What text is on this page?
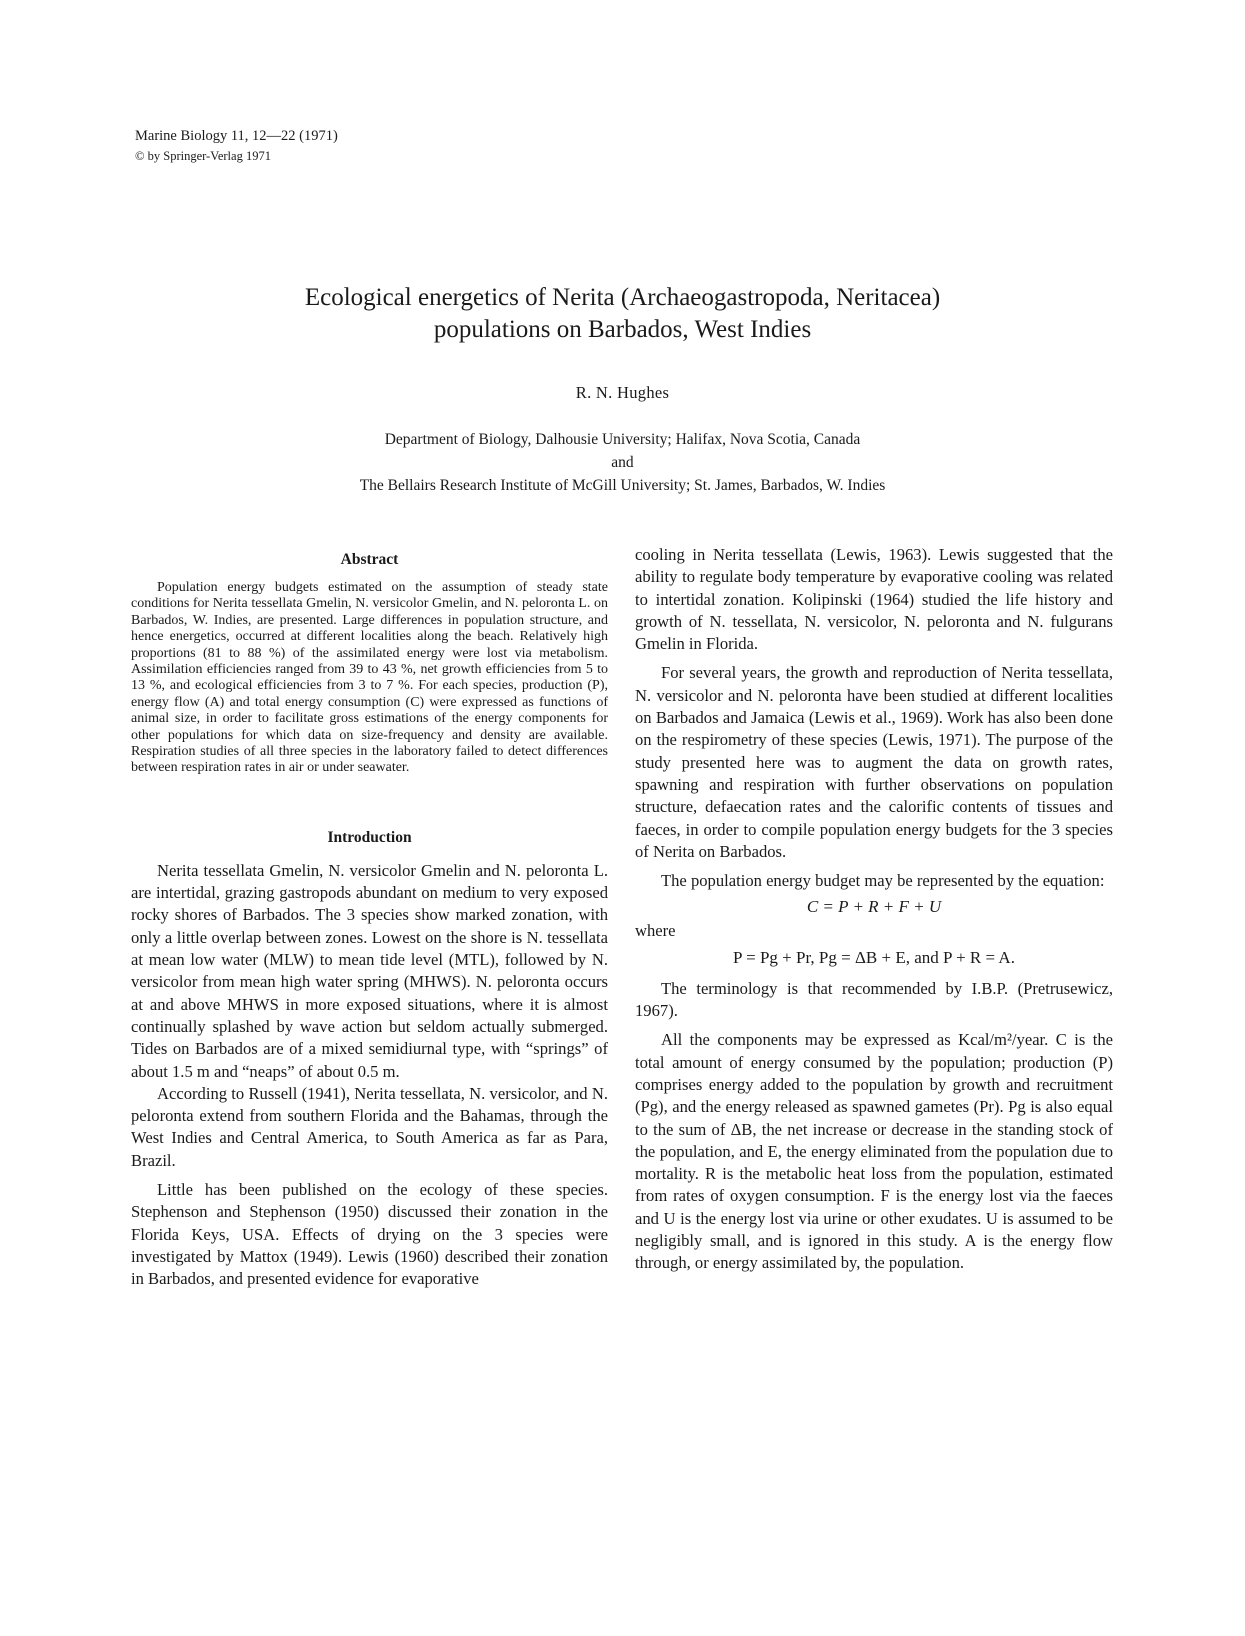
Marine Biology 11, 12—22 (1971)
© by Springer-Verlag 1971
Ecological energetics of Nerita (Archaeogastropoda, Neritacea)
populations on Barbados, West Indies
R. N. Hughes
Department of Biology, Dalhousie University; Halifax, Nova Scotia, Canada
and
The Bellairs Research Institute of McGill University; St. James, Barbados, W. Indies
Abstract

Population energy budgets estimated on the assumption of steady state conditions for Nerita tessellata Gmelin, N. versicolor Gmelin, and N. peloronta L. on Barbados, W. Indies, are presented. Large differences in population structure, and hence energetics, occurred at different localities along the beach. Relatively high proportions (81 to 88 %) of the assimilated energy were lost via metabolism. Assimilation efficiencies ranged from 39 to 43 %, net growth efficiencies from 5 to 13 %, and ecological efficiencies from 3 to 7 %. For each species, production (P), energy flow (A) and total energy consumption (C) were expressed as functions of animal size, in order to facilitate gross estimations of the energy components for other populations for which data on size-frequency and density are available. Respiration studies of all three species in the laboratory failed to detect differences between respiration rates in air or under seawater.

Introduction

Nerita tessellata Gmelin, N. versicolor Gmelin and N. peloronta L. are intertidal, grazing gastropods abundant on medium to very exposed rocky shores of Barbados. The 3 species show marked zonation, with only a little overlap between zones. Lowest on the shore is N. tessellata at mean low water (MLW) to mean tide level (MTL), followed by N. versicolor from mean high water spring (MHWS). N. peloronta occurs at and above MHWS in more exposed situations, where it is almost continually splashed by wave action but seldom actually submerged. Tides on Barbados are of a mixed semidiurnal type, with “springs” of about 1.5 m and “neaps” of about 0.5 m.

According to Russell (1941), Nerita tessellata, N. versicolor, and N. peloronta extend from southern Florida and the Bahamas, through the West Indies and Central America, to South America as far as Para, Brazil.

Little has been published on the ecology of these species. Stephenson and Stephenson (1950) discussed their zonation in the Florida Keys, USA. Effects of drying on the 3 species were investigated by Mattox (1949). Lewis (1960) described their zonation in Barbados, and presented evidence for evaporative

cooling in Nerita tessellata (Lewis, 1963). Lewis suggested that the ability to regulate body temperature by evaporative cooling was related to intertidal zonation. Kolipinski (1964) studied the life history and growth of N. tessellata, N. versicolor, N. peloronta and N. fulgurans Gmelin in Florida.

For several years, the growth and reproduction of Nerita tessellata, N. versicolor and N. peloronta have been studied at different localities on Barbados and Jamaica (Lewis et al., 1969). Work has also been done on the respirometry of these species (Lewis, 1971). The purpose of the study presented here was to augment the data on growth rates, spawning and respiration with further observations on population structure, defaecation rates and the calorific contents of tissues and faeces, in order to compile population energy budgets for the 3 species of Nerita on Barbados.

The population energy budget may be represented by the equation:

C = P + R + F + U

where

P = Pg + Pr, Pg = ΔB + E, and P + R = A.

The terminology is that recommended by I.B.P. (Pretrusewicz, 1967).

All the components may be expressed as Kcal/m²/year. C is the total amount of energy consumed by the population; production (P) comprises energy added to the population by growth and recruitment (Pg), and the energy released as spawned gametes (Pr). Pg is also equal to the sum of ΔB, the net increase or decrease in the standing stock of the population, and E, the energy eliminated from the population due to mortality. R is the metabolic heat loss from the population, estimated from rates of oxygen consumption. F is the energy lost via the faeces and U is the energy lost via urine or other exudates. U is assumed to be negligibly small, and is ignored in this study. A is the energy flow through, or energy assimilated by, the population.
